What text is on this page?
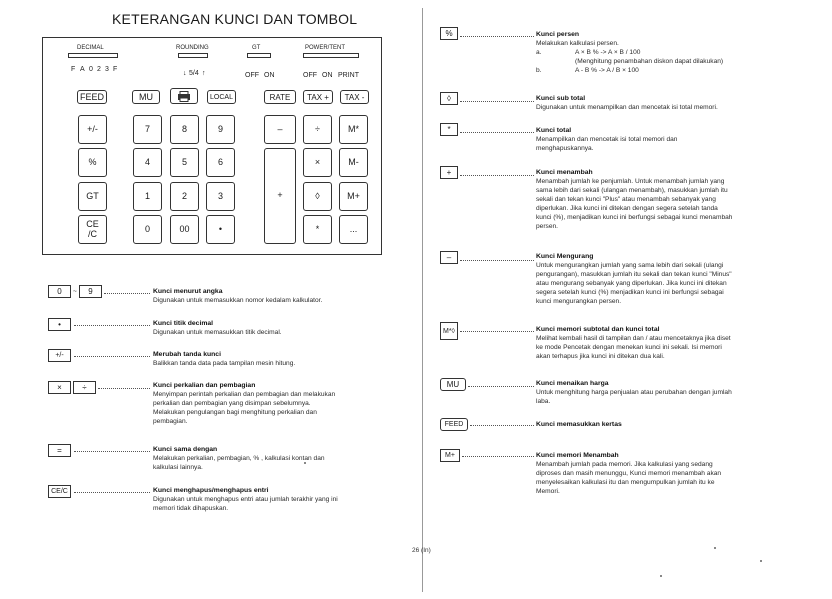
KETERANGAN KUNCI DAN TOMBOL
DECIMAL
F A 0 2 3 F
ROUNDING
↓ 5/4 ↑
GT
OFF ON
POWER/TENT
OFF ON PRINT
FEED	MU	LOCAL	RATE	TAX +	TAX -
+/-
%
GT
CE
/C
7	8	9
4	5	6
1	2	3
0	00	•
–	÷	M*
+
×	M-
◊	M+
*	...
0	~	9	Kunci menurut angka
Digunakan untuk memasukkan nomor kedalam kalkulator.
•	Kunci titik decimal
Digunakan untuk memasukkan titik decimal.
+/-	Merubah tanda kunci
Balikkan tanda data pada tampilan mesin hitung.
×	÷	Kunci perkalian dan pembagian
Menyimpan perintah perkalian dan pembagian dan melakukan
perkalian dan pembagian yang disimpan sebelumnya.
Melakukan pengulangan bagi menghitung perkalian dan
pembagian.
=	Kunci sama dengan
Melakukan perkalian, pembagian, % , kalkulasi kontan dan
kalkulasi lainnya.
CE/C	Kunci menghapus/menghapus entri
Digunakan untuk menghapus entri atau jumlah terakhir yang ini
memori tidak dihapuskan.
26 (In)
%	Kunci persen
Melakukan kalkulasi persen.
a.	A × B % -> A × B / 100
(Menghitung penambahan diskon dapat dilakukan)
b.	A - B % -> A / B × 100
◊	Kunci sub total
Digunakan untuk menampilkan dan mencetak isi total memori.
*	Kunci total
Menampilkan dan mencetak isi total memori dan
menghapuskannya.
+	Kunci menambah
Menambah jumlah ke penjumlah. Untuk menambah jumlah yang
sama lebih dari sekali (ulangan menambah), masukkan jumlah itu
sekali dan tekan kunci "Plus" atau menambah sebanyak yang
diperlukan. Jika kunci ini ditekan dengan segera setelah tanda
kunci (%), menjadikan kunci ini berfungsi sebagai kunci menambah
persen.
–	Kunci Mengurang
Untuk mengurangkan jumlah yang sama lebih dari sekali (ulangi
pengurangan), masukkan jumlah itu sekali dan tekan kunci "Minus"
atau mengurang sebanyak yang diperlukan. Jika kunci ini ditekan
segera setelah kunci (%) menjadikan kunci ini berfungsi sebagai
kunci mengurangkan persen.
M*◊	Kunci memori subtotal dan kunci total
Melihat kembali hasil di tampilan dan / atau mencetaknya jika diset
ke mode Pencetak dengan menekan kunci ini sekali. Isi memori
akan terhapus jika kunci ini ditekan dua kali.
MU	Kunci menaikan harga
Untuk menghitung harga penjualan atau perubahan dengan jumlah
laba.
FEED	Kunci memasukkan kertas
M+	Kunci memori Menambah
Menambah jumlah pada memori. Jika kalkulasi yang sedang
diproses dan masih menunggu, Kunci memori menambah akan
menyelesaikan kalkulasi itu dan mengumpulkan jumlah itu ke
Memori.
